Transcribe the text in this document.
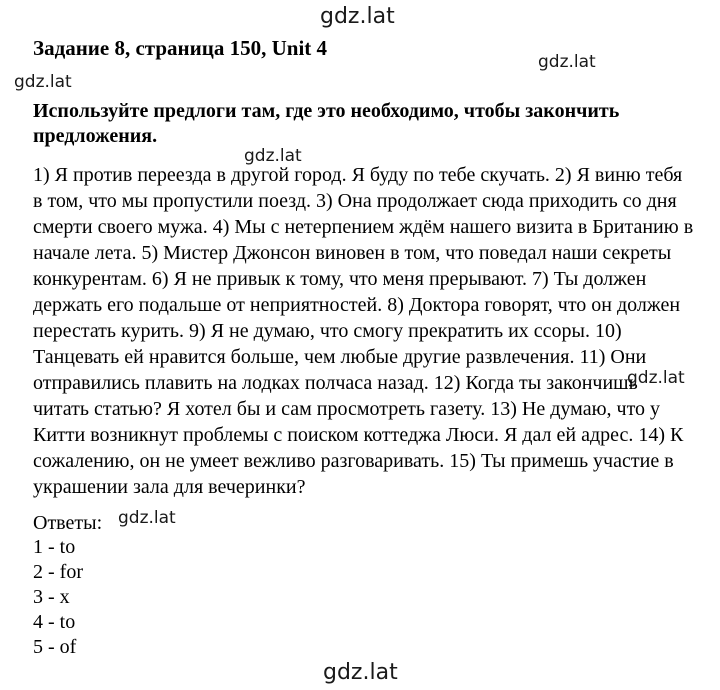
gdz.lat
gdz.lat
gdz.lat
gdz.lat
gdz.lat
gdz.lat
gdz.lat
Задание 8, страница 150, Unit 4
Используйте предлоги там, где это необходимо, чтобы закончить предложения.

1) Я против переезда в другой город. Я буду по тебе скучать. 2) Я виню тебя

в том, что мы пропустили поезд. 3) Она продолжает сюда приходить со дня

смерти своего мужа. 4) Мы с нетерпением ждём нашего визита в Британию в

начале лета. 5) Мистер Джонсон виновен в том, что поведал наши секреты

конкурентам. 6) Я не привык к тому, что меня прерывают. 7) Ты должен

держать его подальше от неприятностей. 8) Доктора говорят, что он должен

перестать курить. 9) Я не думаю, что смогу прекратить их ссоры. 10)

Танцевать ей нравится больше, чем любые другие развлечения. 11) Они

отправились плавить на лодках полчаса назад. 12) Когда ты закончишь

читать статью? Я хотел бы и сам просмотреть газету. 13) Не думаю, что у

Китти возникнут проблемы с поиском коттеджа Люси. Я дал ей адрес. 14) К

сожалению, он не умеет вежливо разговаривать. 15) Ты примешь участие в

украшении зала для вечеринки?

Ответы:
1 - to
2 - for
3 - x
4 - to
5 - of
